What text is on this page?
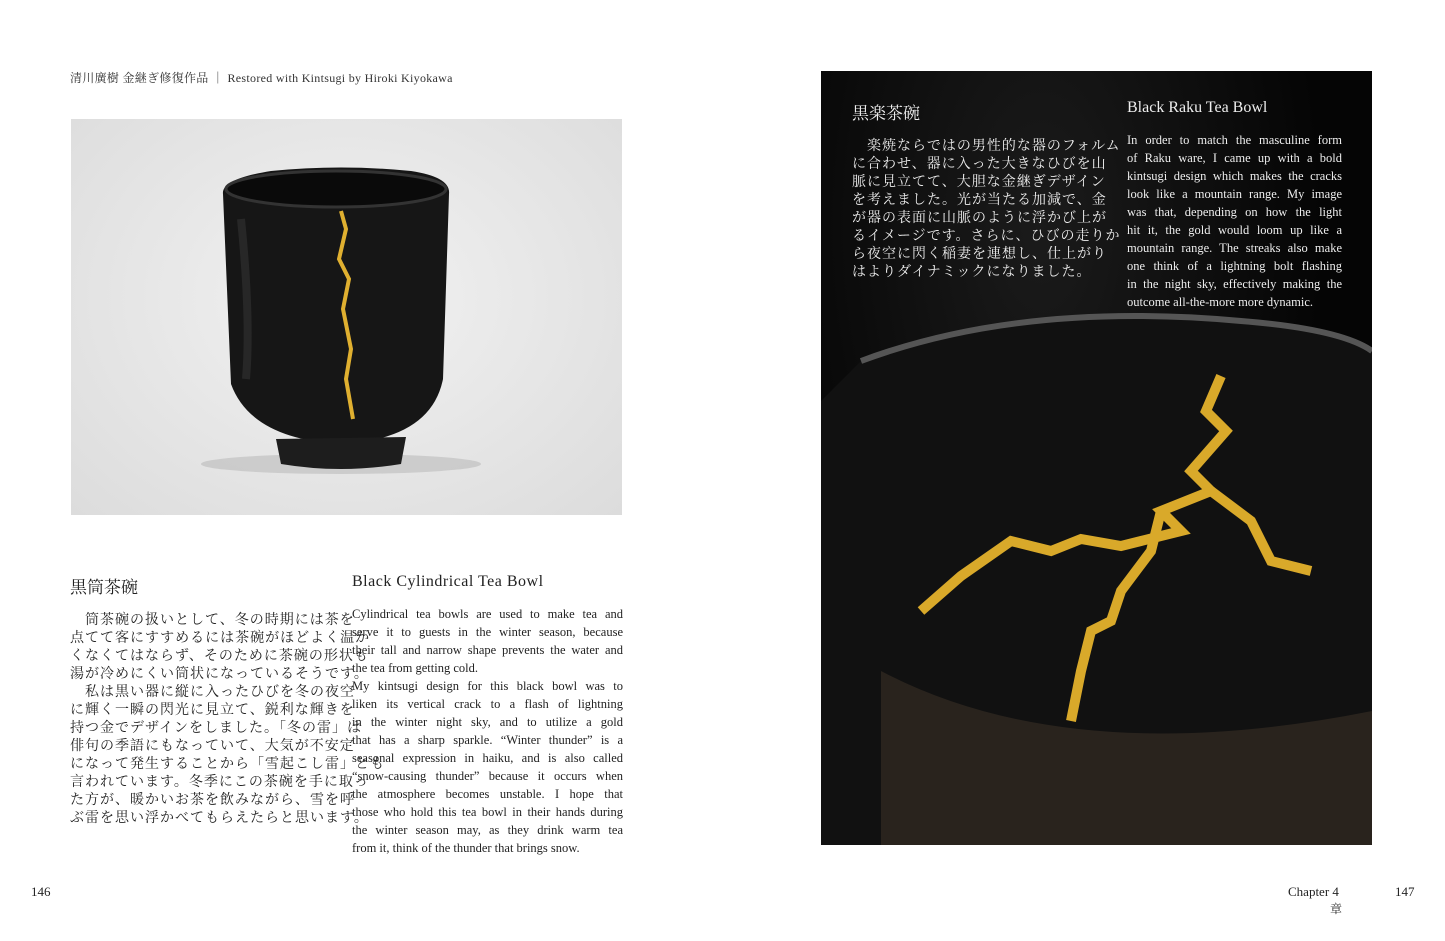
清川廣樹 金継ぎ修復作品 ｜ Restored with Kintsugi by Hiroki Kiyokawa
黒筒茶碗
　筒茶碗の扱いとして、冬の時期には茶を
点てて客にすすめるには茶碗がほどよく温か
くなくてはならず、そのために茶碗の形状も
湯が冷めにくい筒状になっているそうです。
　私は黒い器に縦に入ったひびを冬の夜空
に輝く一瞬の閃光に見立て、鋭利な輝きを
持つ金でデザインをしました。「冬の雷」は
俳句の季語にもなっていて、大気が不安定
になって発生することから「雪起こし雷」とも
言われています。冬季にこの茶碗を手に取っ
た方が、暖かいお茶を飲みながら、雪を呼
ぶ雷を思い浮かべてもらえたらと思います。
Black Cylindrical Tea Bowl
Cylindrical tea bowls are used to make tea and
serve it to guests in the winter season, because
their tall and narrow shape prevents the water and
the tea from getting cold.
My kintsugi design for this black bowl was to
liken its vertical crack to a flash of lightning
in the winter night sky, and to utilize a gold
that has a sharp sparkle. “Winter thunder” is a
seasonal expression in haiku, and is also called
“snow-causing thunder” because it occurs when
the atmosphere becomes unstable. I hope that
those who hold this tea bowl in their hands during
the winter season may, as they drink warm tea
from it, think of the thunder that brings snow.
黒楽茶碗
　楽焼ならではの男性的な器のフォルム
に合わせ、器に入った大きなひびを山
脈に見立てて、大胆な金継ぎデザイン
を考えました。光が当たる加減で、金
が器の表面に山脈のように浮かび上が
るイメージです。さらに、ひびの走りか
ら夜空に閃く稲妻を連想し、仕上がり
はよりダイナミックになりました。
Black Raku Tea Bowl
In order to match the masculine form
of Raku ware, I came up with a bold
kintsugi design which makes the cracks
look like a mountain range. My image
was that, depending on how the light
hit it, the gold would loom up like a
mountain range. The streaks also make
one think of a lightning bolt flashing
in the night sky, effectively making the
outcome all-the-more more dynamic.
146	Chapter 4
章
147
